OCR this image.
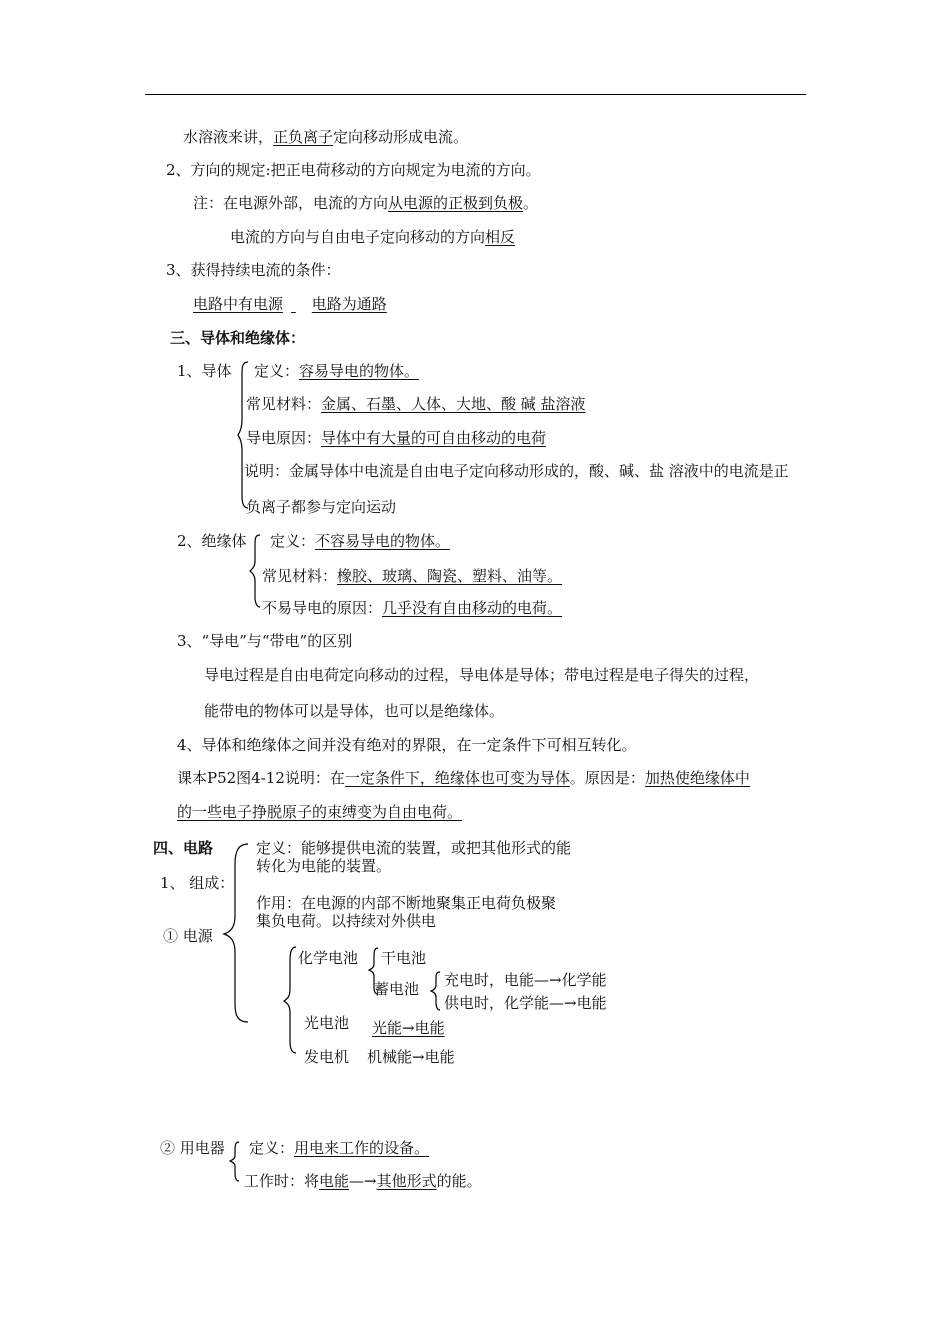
水溶液来讲，正负离子定向移动形成电流。
2、方向的规定:把正电荷移动的方向规定为电流的方向。
注：在电源外部，电流的方向从电源的正极到负极。
电流的方向与自由电子定向移动的方向相反
3、获得持续电流的条件：
电路中有电源 电路为通路
三、导体和绝缘体：
1、导体 定义：容易导电的物体。
常见材料：金属、石墨、人体、大地、酸 碱 盐溶液
导电原因：导体中有大量的可自由移动的电荷
说明：金属导体中电流是自由电子定向移动形成的，酸、碱、盐 溶液中的电流是正
负离子都参与定向运动
2、绝缘体 定义：不容易导电的物体。
常见材料：橡胶、玻璃、陶瓷、塑料、油等。
不易导电的原因：几乎没有自由移动的电荷。
3、“导电”与“带电”的区别
导电过程是自由电荷定向移动的过程，导电体是导体；带电过程是电子得失的过程，
能带电的物体可以是导体，也可以是绝缘体。
4、导体和绝缘体之间并没有绝对的界限，在一定条件下可相互转化。
课本P52图4-12说明：在一定条件下，绝缘体也可变为导体。原因是：加热使绝缘体中
的一些电子挣脱原子的束缚变为自由电荷。
四、电路
1、 组成：
① 电源
定义：能够提供电流的装置，或把其他形式的能
转化为电能的装置。
作用：在电源的内部不断地聚集正电荷负极聚
集负电荷。以持续对外供电
化学电池 干电池
蓄电池 充电时，电能—→化学能
供电时，化学能—→电能
光电池 光能→电能
发电机 机械能→电能
② 用电器 定义：用电来工作的设备。
工作时：将电能—→其他形式的能。
